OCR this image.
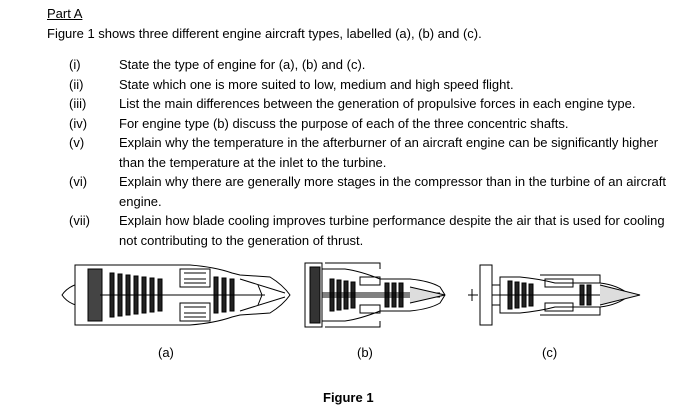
Part A
Figure 1 shows three different engine aircraft types, labelled (a), (b) and (c).
(i)	State the type of engine for (a), (b) and (c).
(ii)	State which one is more suited to low, medium and high speed flight.
(iii)	List the main differences between the generation of propulsive forces in each engine type.
(iv)	For engine type (b) discuss the purpose of each of the three concentric shafts.
(v)	Explain why the temperature in the afterburner of an aircraft engine can be significantly higher than the temperature at the inlet to the turbine.
(vi)	Explain why there are generally more stages in the compressor than in the turbine of an aircraft engine.
(vii)	Explain how blade cooling improves turbine performance despite the air that is used for cooling not contributing to the generation of thrust.
(a)	(b)	(c)
Figure 1
